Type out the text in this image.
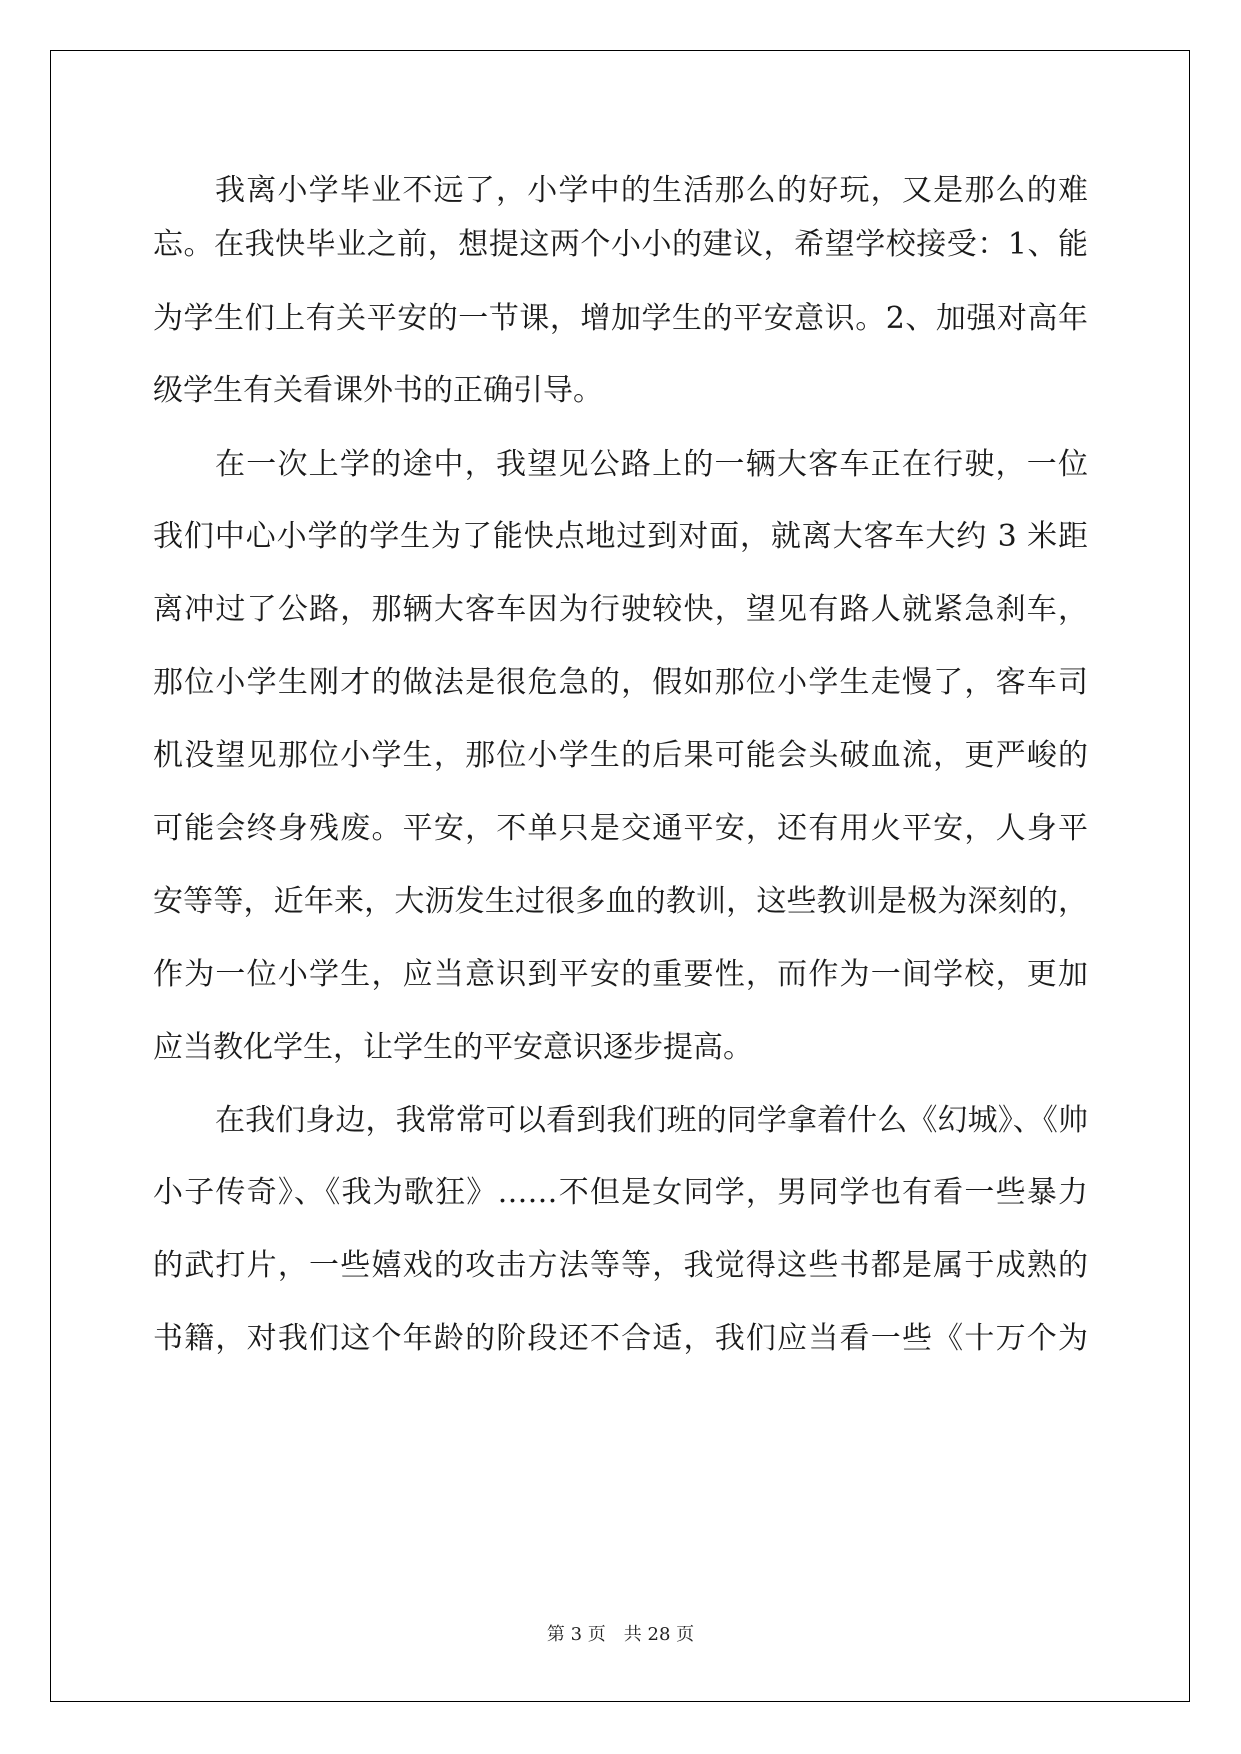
我离小学毕业不远了，小学中的生活那么的好玩，又是那么的难
忘。在我快毕业之前，想提这两个小小的建议，希望学校接受：1、能
为学生们上有关平安的一节课，增加学生的平安意识。2、加强对高年
级学生有关看课外书的正确引导。
在一次上学的途中，我望见公路上的一辆大客车正在行驶，一位
我们中心小学的学生为了能快点地过到对面，就离大客车大约 3 米距
离冲过了公路，那辆大客车因为行驶较快，望见有路人就紧急刹车，
那位小学生刚才的做法是很危急的，假如那位小学生走慢了，客车司
机没望见那位小学生，那位小学生的后果可能会头破血流，更严峻的
可能会终身残废。平安，不单只是交通平安，还有用火平安，人身平
安等等，近年来，大沥发生过很多血的教训，这些教训是极为深刻的，
作为一位小学生，应当意识到平安的重要性，而作为一间学校，更加
应当教化学生，让学生的平安意识逐步提高。
在我们身边，我常常可以看到我们班的同学拿着什么《幻城》、《帅
小子传奇》、《我为歌狂》……不但是女同学，男同学也有看一些暴力
的武打片，一些嬉戏的攻击方法等等，我觉得这些书都是属于成熟的
书籍，对我们这个年龄的阶段还不合适，我们应当看一些《十万个为
第 3 页　共 28 页
